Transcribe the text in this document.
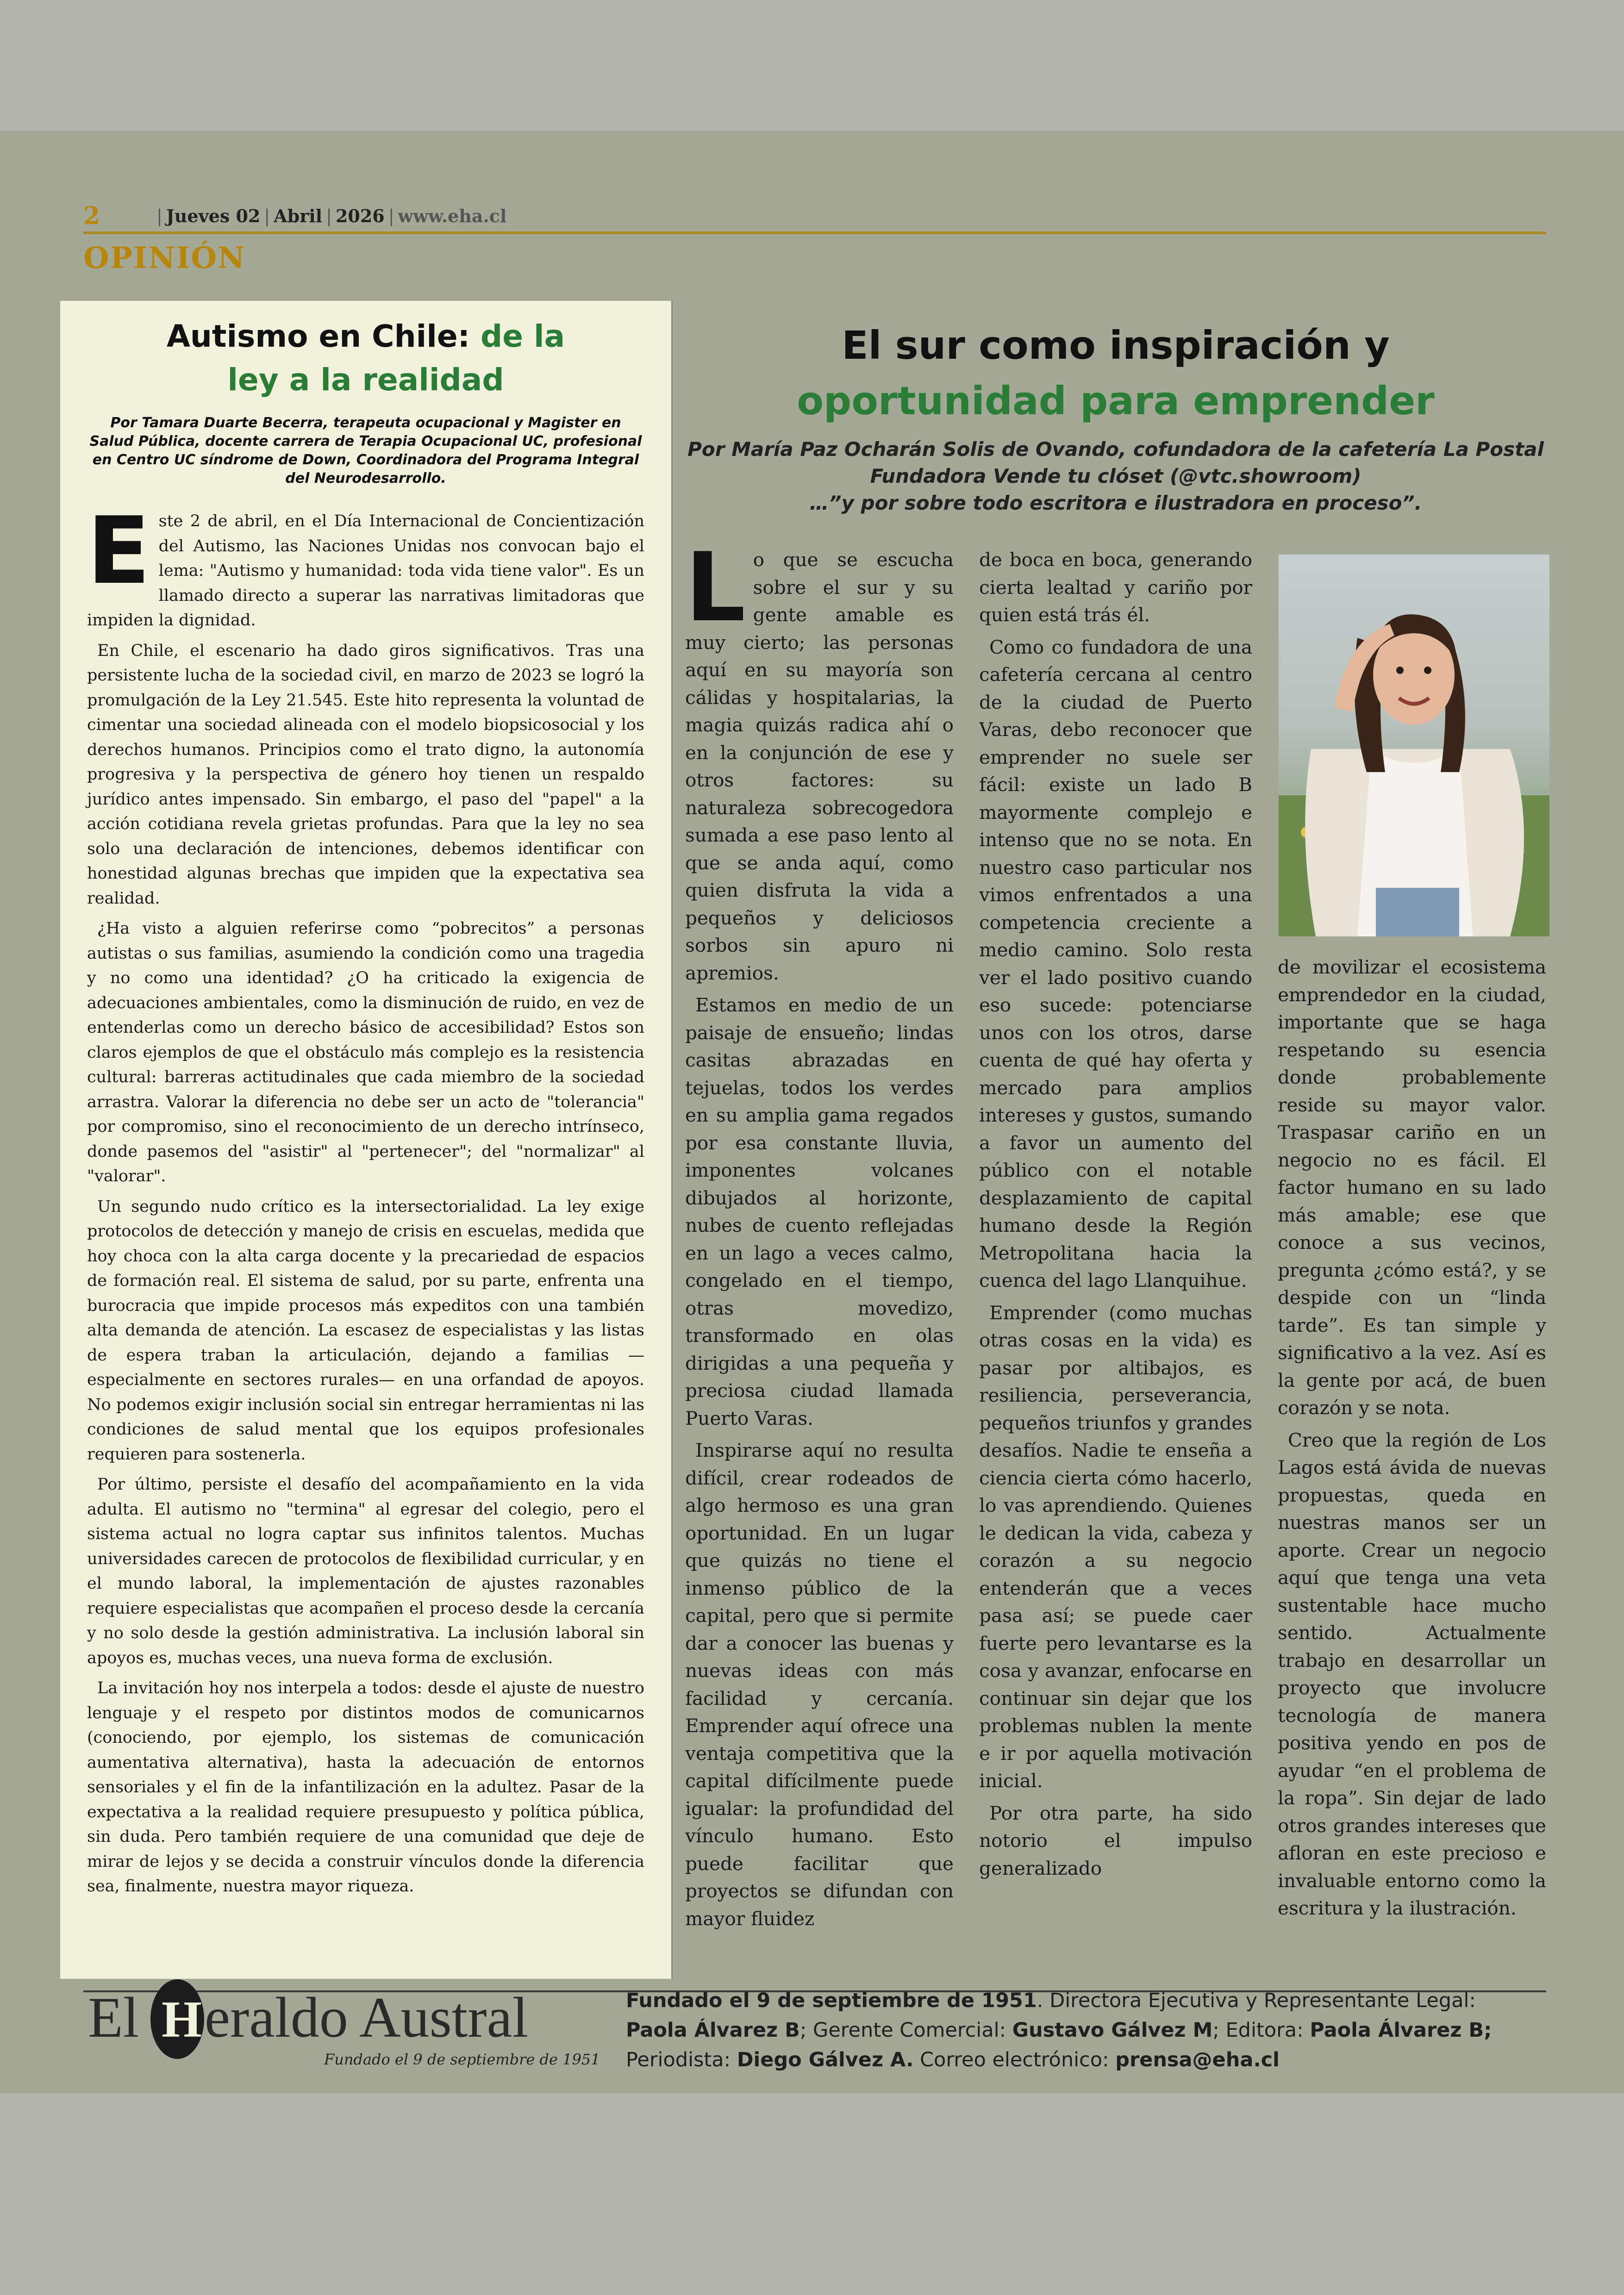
2	| Jueves 02 | Abril | 2026 | www.eha.cl
OPINIÓN
Autismo en Chile: de la
ley a la realidad
Por Tamara Duarte Becerra, terapeuta ocupacional y Magister en Salud Pública, docente carrera de Terapia Ocupacional UC, profesional en Centro UC síndrome de Down, Coordinadora del Programa Integral del Neurodesarrollo.

Este 2 de abril, en el Día Internacional de Concientización del Autismo, las Naciones Unidas nos convocan bajo el lema: "Autismo y humanidad: toda vida tiene valor". Es un llamado directo a superar las narrativas limitadoras que impiden la dignidad.

En Chile, el escenario ha dado giros significativos. Tras una persistente lucha de la sociedad civil, en marzo de 2023 se logró la promulgación de la Ley 21.545. Este hito representa la voluntad de cimentar una sociedad alineada con el modelo biopsicosocial y los derechos humanos. Principios como el trato digno, la autonomía progresiva y la perspectiva de género hoy tienen un respaldo jurídico antes impensado. Sin embargo, el paso del "papel" a la acción cotidiana revela grietas profundas. Para que la ley no sea solo una declaración de intenciones, debemos identificar con honestidad algunas brechas que impiden que la expectativa sea realidad.

¿Ha visto a alguien referirse como “pobrecitos” a personas autistas o sus familias, asumiendo la condición como una tragedia y no como una identidad? ¿O ha criticado la exigencia de adecuaciones ambientales, como la disminución de ruido, en vez de entenderlas como un derecho básico de accesibilidad? Estos son claros ejemplos de que el obstáculo más complejo es la resistencia cultural: barreras actitudinales que cada miembro de la sociedad arrastra. Valorar la diferencia no debe ser un acto de "tolerancia" por compromiso, sino el reconocimiento de un derecho intrínseco, donde pasemos del "asistir" al "pertenecer"; del "normalizar" al "valorar".

Un segundo nudo crítico es la intersectorialidad. La ley exige protocolos de detección y manejo de crisis en escuelas, medida que hoy choca con la alta carga docente y la precariedad de espacios de formación real. El sistema de salud, por su parte, enfrenta una burocracia que impide procesos más expeditos con una también alta demanda de atención. La escasez de especialistas y las listas de espera traban la articulación, dejando a familias —especialmente en sectores rurales— en una orfandad de apoyos. No podemos exigir inclusión social sin entregar herramientas ni las condiciones de salud mental que los equipos profesionales requieren para sostenerla.

Por último, persiste el desafío del acompañamiento en la vida adulta. El autismo no "termina" al egresar del colegio, pero el sistema actual no logra captar sus infinitos talentos. Muchas universidades carecen de protocolos de flexibilidad curricular, y en el mundo laboral, la implementación de ajustes razonables requiere especialistas que acompañen el proceso desde la cercanía y no solo desde la gestión administrativa. La inclusión laboral sin apoyos es, muchas veces, una nueva forma de exclusión.

La invitación hoy nos interpela a todos: desde el ajuste de nuestro lenguaje y el respeto por distintos modos de comunicarnos (conociendo, por ejemplo, los sistemas de comunicación aumentativa alternativa), hasta la adecuación de entornos sensoriales y el fin de la infantilización en la adultez. Pasar de la expectativa a la realidad requiere presupuesto y política pública, sin duda. Pero también requiere de una comunidad que deje de mirar de lejos y se decida a construir vínculos donde la diferencia sea, finalmente, nuestra mayor riqueza.

El sur como inspiración y
oportunidad para emprender
Por María Paz Ocharán Solis de Ovando, cofundadora de la cafetería La Postal
Fundadora Vende tu clóset (@vtc.showroom)
…”y por sobre todo escritora e ilustradora en proceso”.

Lo que se escucha sobre el sur y su gente amable es muy cierto; las personas aquí en su mayoría son cálidas y hospitalarias, la magia quizás radica ahí o en la conjunción de ese y otros factores: su naturaleza sobrecogedora sumada a ese paso lento al que se anda aquí, como quien disfruta la vida a pequeños y deliciosos sorbos sin apuro ni apremios.

Estamos en medio de un paisaje de ensueño; lindas casitas abrazadas en tejuelas, todos los verdes en su amplia gama regados por esa constante lluvia, imponentes volcanes dibujados al horizonte, nubes de cuento reflejadas en un lago a veces calmo, congelado en el tiempo, otras movedizo, transformado en olas dirigidas a una pequeña y preciosa ciudad llamada Puerto Varas.

Inspirarse aquí no resulta difícil, crear rodeados de algo hermoso es una gran oportunidad. En un lugar que quizás no tiene el inmenso público de la capital, pero que si permite dar a conocer las buenas y nuevas ideas con más facilidad y cercanía. Emprender aquí ofrece una ventaja competitiva que la capital difícilmente puede igualar: la profundidad del vínculo humano. Esto puede facilitar que proyectos se difundan con mayor fluidez

de boca en boca, generando cierta lealtad y cariño por quien está trás él.

Como co fundadora de una cafetería cercana al centro de la ciudad de Puerto Varas, debo reconocer que emprender no suele ser fácil: existe un lado B mayormente complejo e intenso que no se nota. En nuestro caso particular nos vimos enfrentados a una competencia creciente a medio camino. Solo resta ver el lado positivo cuando eso sucede: potenciarse unos con los otros, darse cuenta de qué hay oferta y mercado para amplios intereses y gustos, sumando a favor un aumento del público con el notable desplazamiento de capital humano desde la Región Metropolitana hacia la cuenca del lago Llanquihue.

Emprender (como muchas otras cosas en la vida) es pasar por altibajos, es resiliencia, perseverancia, pequeños triunfos y grandes desafíos. Nadie te enseña a ciencia cierta cómo hacerlo, lo vas aprendiendo. Quienes le dedican la vida, cabeza y corazón a su negocio entenderán que a veces pasa así; se puede caer fuerte pero levantarse es la cosa y avanzar, enfocarse en continuar sin dejar que los problemas nublen la mente e ir por aquella motivación inicial.

Por otra parte, ha sido notorio el impulso generalizado

de movilizar el ecosistema emprendedor en la ciudad, importante que se haga respetando su esencia donde probablemente reside su mayor valor. Traspasar cariño en un negocio no es fácil. El factor humano en su lado más amable; ese que conoce a sus vecinos, pregunta ¿cómo está?, y se despide con un “linda tarde”. Es tan simple y significativo a la vez. Así es la gente por acá, de buen corazón y se nota.

Creo que la región de Los Lagos está ávida de nuevas propuestas, queda en nuestras manos ser un aporte. Crear un negocio aquí que tenga una veta sustentable hace mucho sentido. Actualmente trabajo en desarrollar un proyecto que involucre tecnología de manera positiva yendo en pos de ayudar “en el problema de la ropa”. Sin dejar de lado otros grandes intereses que afloran en este precioso e invaluable entorno como la escritura y la ilustración.

El H eraldo Austral
Fundado el 9 de septiembre de 1951
Fundado el 9 de septiembre de 1951. Directora Ejecutiva y Representante Legal:
Paola Álvarez B; Gerente Comercial: Gustavo Gálvez M; Editora: Paola Álvarez B;
Periodista: Diego Gálvez A. Correo electrónico: prensa@eha.cl
